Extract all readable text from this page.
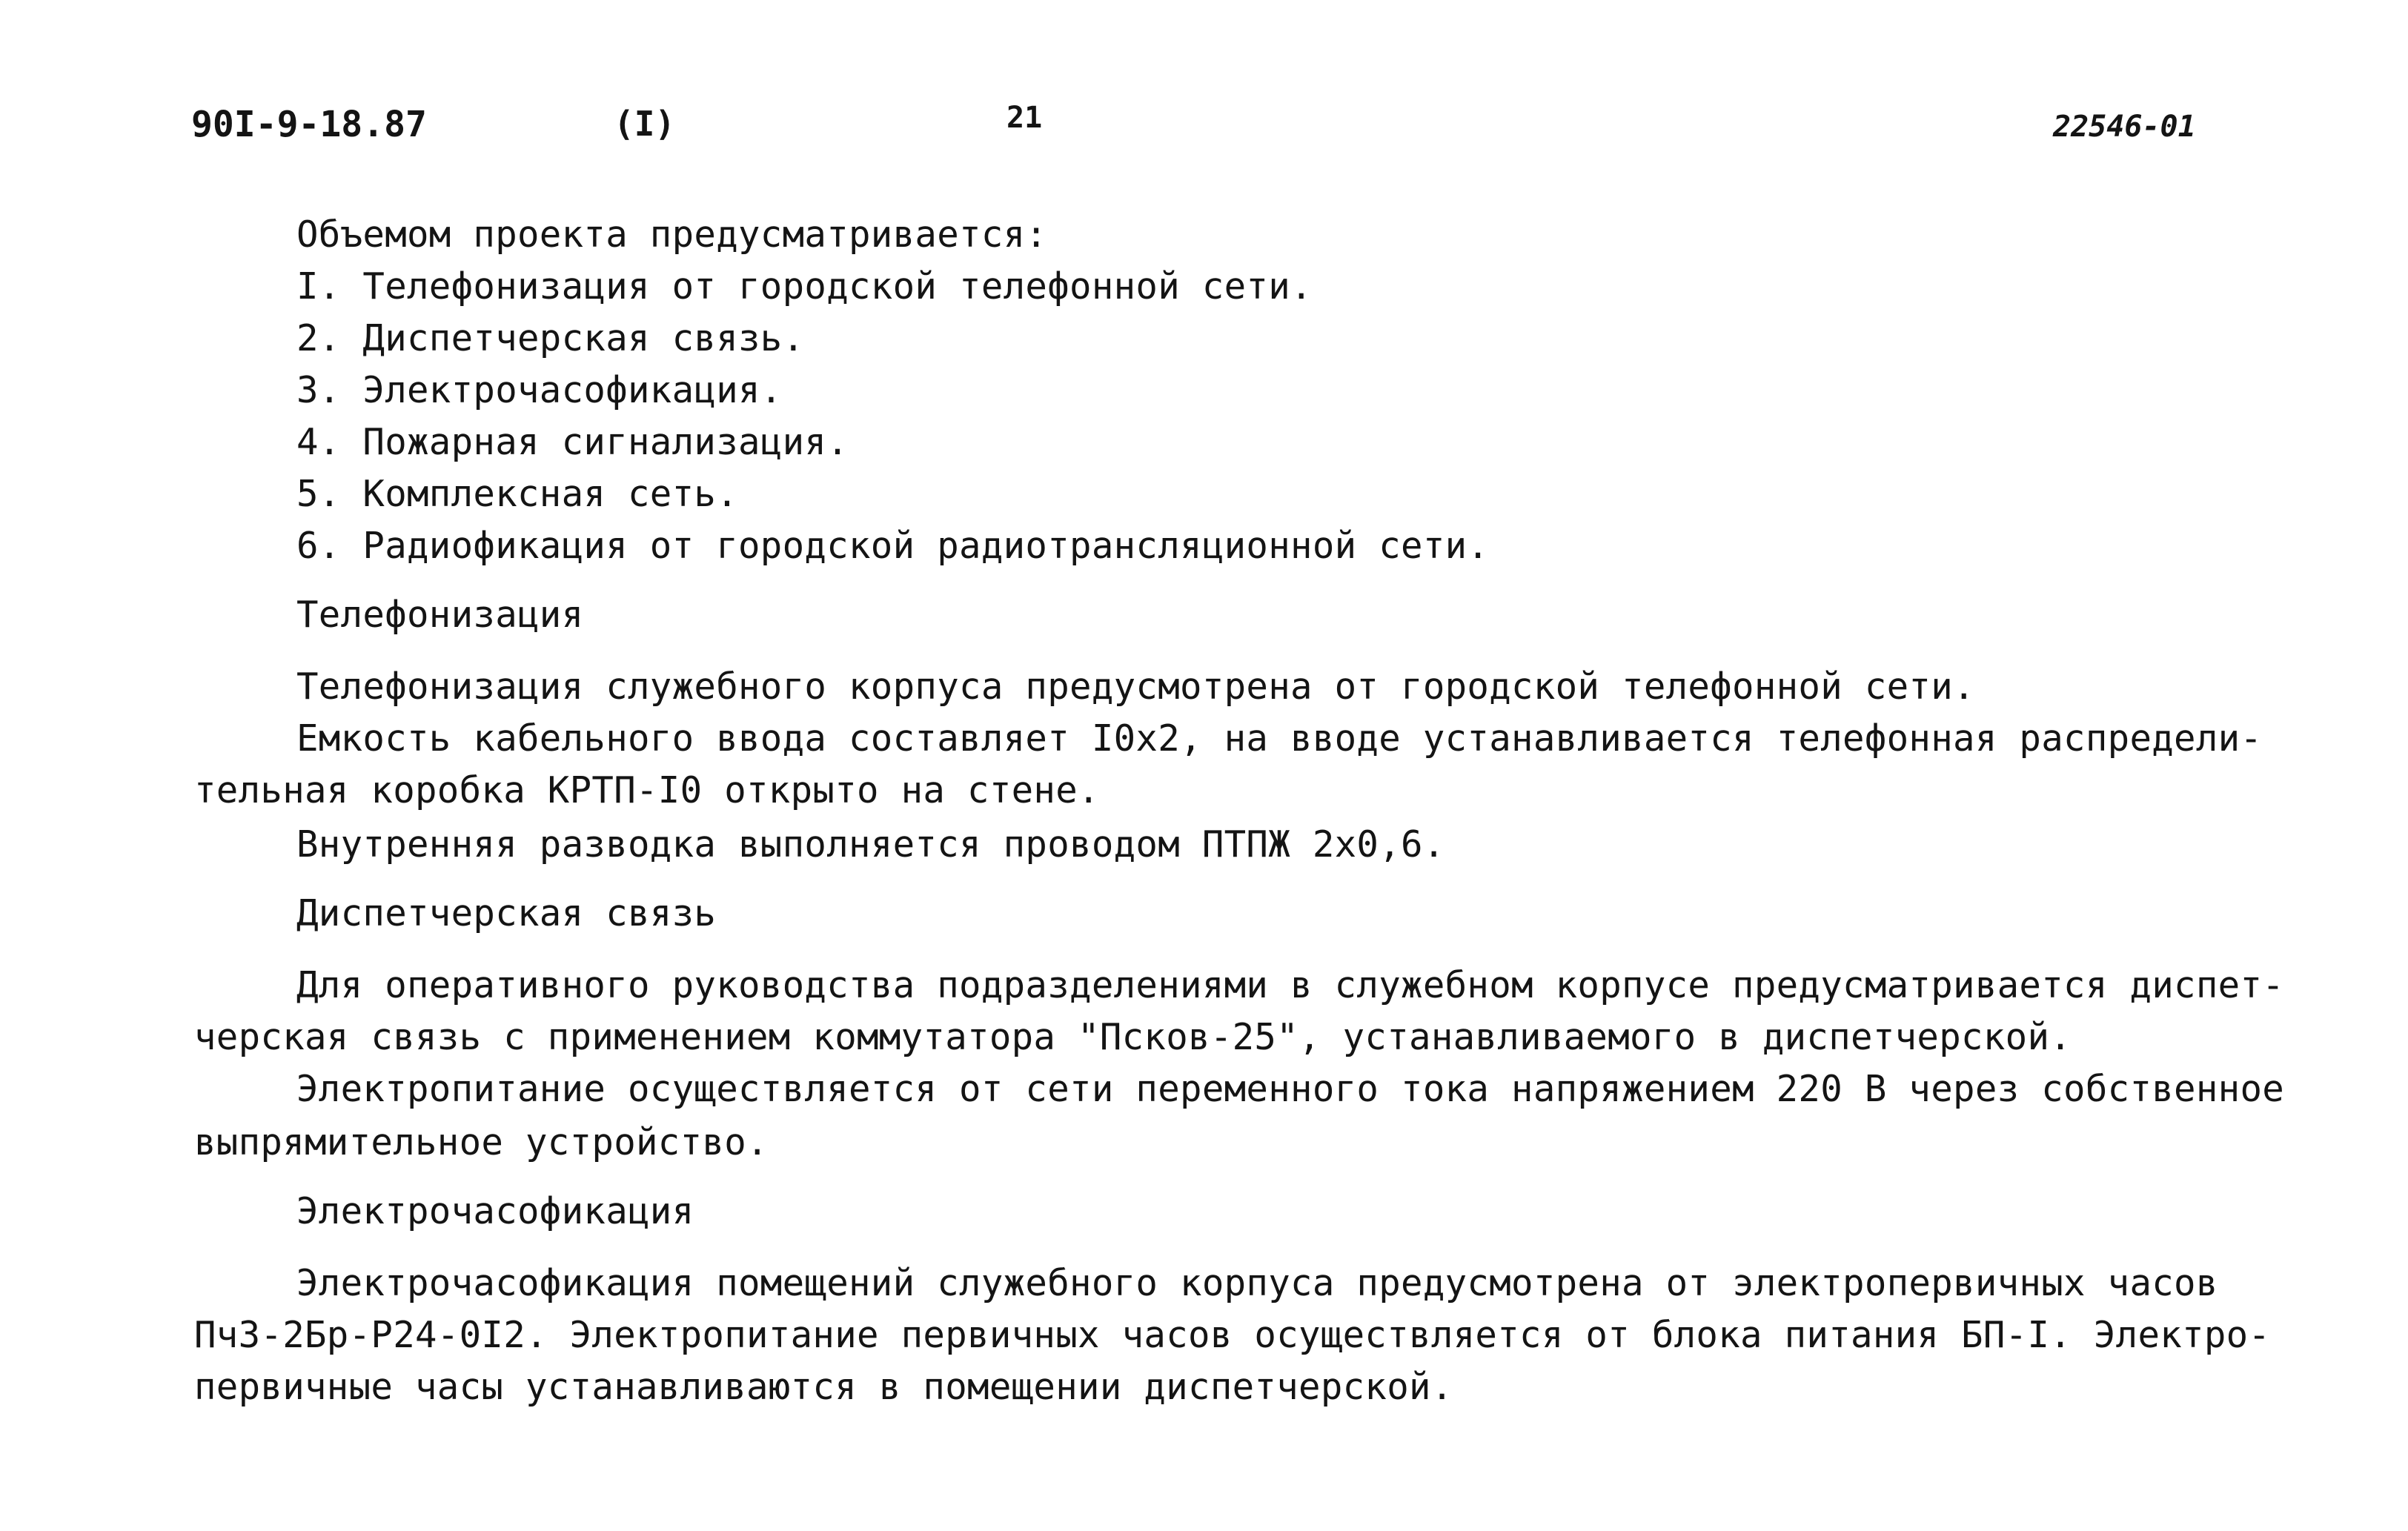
90I-9-18.87	(I)	21	22546-01
Объемом проекта предусматривается:
I. Телефонизация от городской телефонной сети.
2. Диспетчерская связь.
3. Электрочасофикация.
4. Пожарная сигнализация.
5. Комплексная сеть.
6. Радиофикация от городской радиотрансляционной сети.
Телефонизация
Телефонизация служебного корпуса предусмотрена от городской телефонной сети.
Емкость кабельного ввода составляет I0x2, на вводе устанавливается телефонная распредели-
тельная коробка КРТП-I0 открыто на стене.
Внутренняя разводка выполняется проводом ПТПЖ 2x0,6.
Диспетчерская связь
Для оперативного руководства подразделениями в служебном корпусе предусматривается диспет-
черская связь с применением коммутатора "Псков-25", устанавливаемого в диспетчерской.
Электропитание осуществляется от сети переменного тока напряжением 220 В через собственное
выпрямительное устройство.
Электрочасофикация
Электрочасофикация помещений служебного корпуса предусмотрена от электропервичных часов
ПчЗ-2Бр-Р24-0I2. Электропитание первичных часов осуществляется от блока питания БП-I. Электро-
первичные часы устанавливаются в помещении диспетчерской.
